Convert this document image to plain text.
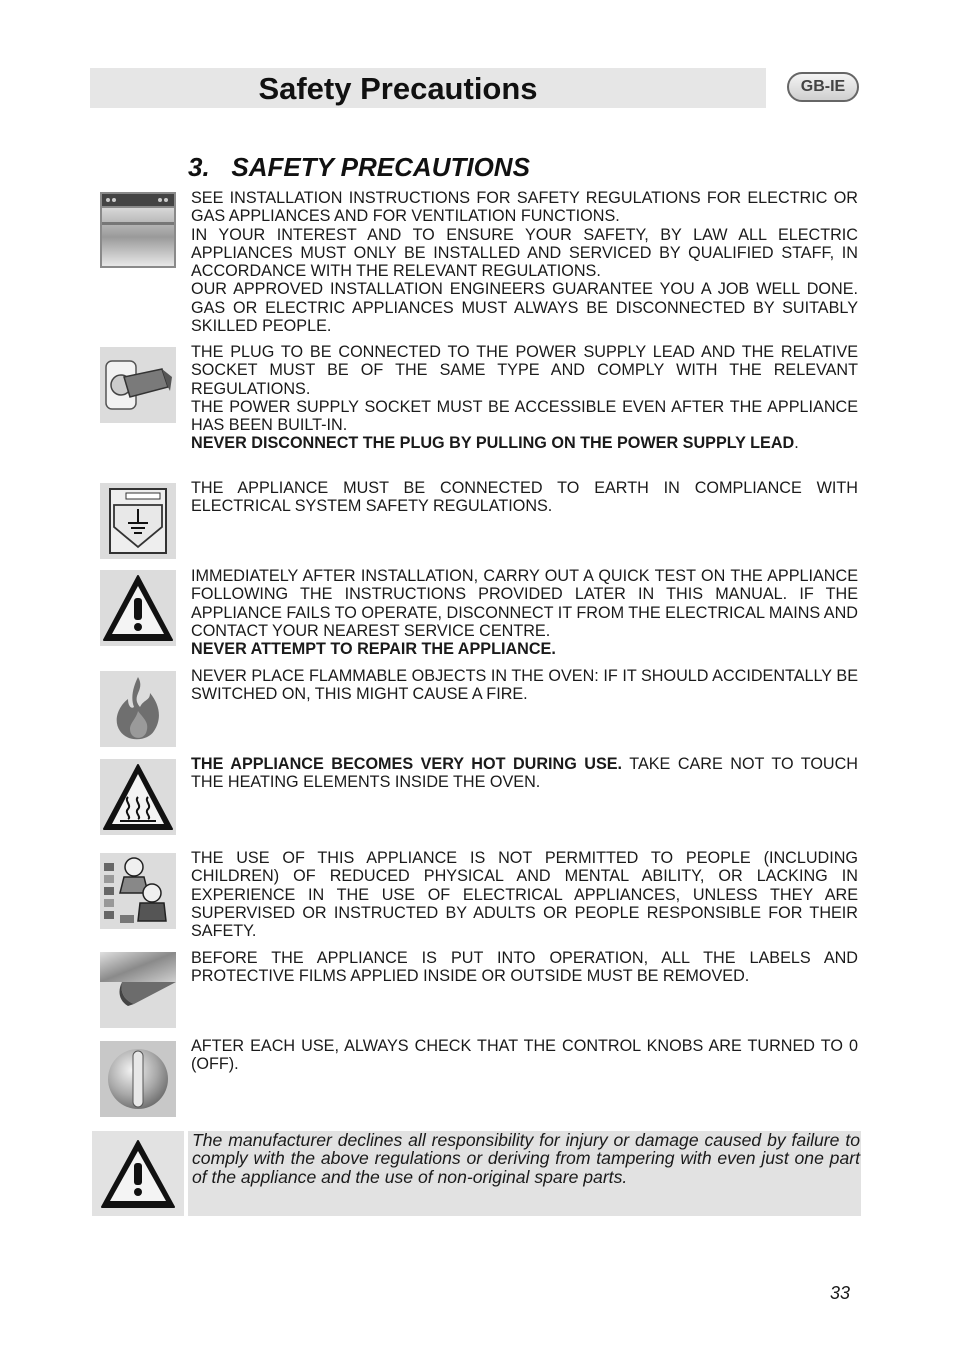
Safety Precautions	GB-IE
3. SAFETY PRECAUTIONS

SEE INSTALLATION INSTRUCTIONS FOR SAFETY REGULATIONS FOR ELECTRIC OR GAS APPLIANCES AND FOR VENTILATION FUNCTIONS.

IN YOUR INTEREST AND TO ENSURE YOUR SAFETY, BY LAW ALL ELECTRIC APPLIANCES MUST ONLY BE INSTALLED AND SERVICED BY QUALIFIED STAFF, IN ACCORDANCE WITH THE RELEVANT REGULATIONS.

OUR APPROVED INSTALLATION ENGINEERS GUARANTEE YOU A JOB WELL DONE. GAS OR ELECTRIC APPLIANCES MUST ALWAYS BE DISCONNECTED BY SUITABLY SKILLED PEOPLE.

THE PLUG TO BE CONNECTED TO THE POWER SUPPLY LEAD AND THE RELATIVE SOCKET MUST BE OF THE SAME TYPE AND COMPLY WITH THE RELEVANT REGULATIONS.

THE POWER SUPPLY SOCKET MUST BE ACCESSIBLE EVEN AFTER THE APPLIANCE HAS BEEN BUILT-IN.

NEVER DISCONNECT THE PLUG BY PULLING ON THE POWER SUPPLY LEAD.

THE APPLIANCE MUST BE CONNECTED TO EARTH IN COMPLIANCE WITH ELECTRICAL SYSTEM SAFETY REGULATIONS.

IMMEDIATELY AFTER INSTALLATION, CARRY OUT A QUICK TEST ON THE APPLIANCE FOLLOWING THE INSTRUCTIONS PROVIDED LATER IN THIS MANUAL. IF THE APPLIANCE FAILS TO OPERATE, DISCONNECT IT FROM THE ELECTRICAL MAINS AND CONTACT YOUR NEAREST SERVICE CENTRE.

NEVER ATTEMPT TO REPAIR THE APPLIANCE.

NEVER PLACE FLAMMABLE OBJECTS IN THE OVEN: IF IT SHOULD ACCIDENTALLY BE SWITCHED ON, THIS MIGHT CAUSE A FIRE.

THE APPLIANCE BECOMES VERY HOT DURING USE. TAKE CARE NOT TO TOUCH THE HEATING ELEMENTS INSIDE THE OVEN.

THE USE OF THIS APPLIANCE IS NOT PERMITTED TO PEOPLE (INCLUDING CHILDREN) OF REDUCED PHYSICAL AND MENTAL ABILITY, OR LACKING IN EXPERIENCE IN THE USE OF ELECTRICAL APPLIANCES, UNLESS THEY ARE SUPERVISED OR INSTRUCTED BY ADULTS OR PEOPLE RESPONSIBLE FOR THEIR SAFETY.

BEFORE THE APPLIANCE IS PUT INTO OPERATION, ALL THE LABELS AND PROTECTIVE FILMS APPLIED INSIDE OR OUTSIDE MUST BE REMOVED.

AFTER EACH USE, ALWAYS CHECK THAT THE CONTROL KNOBS ARE TURNED TO 0 (OFF).

The manufacturer declines all responsibility for injury or damage caused by failure to comply with the above regulations or deriving from tampering with even just one part of the appliance and the use of non-original spare parts.
33
